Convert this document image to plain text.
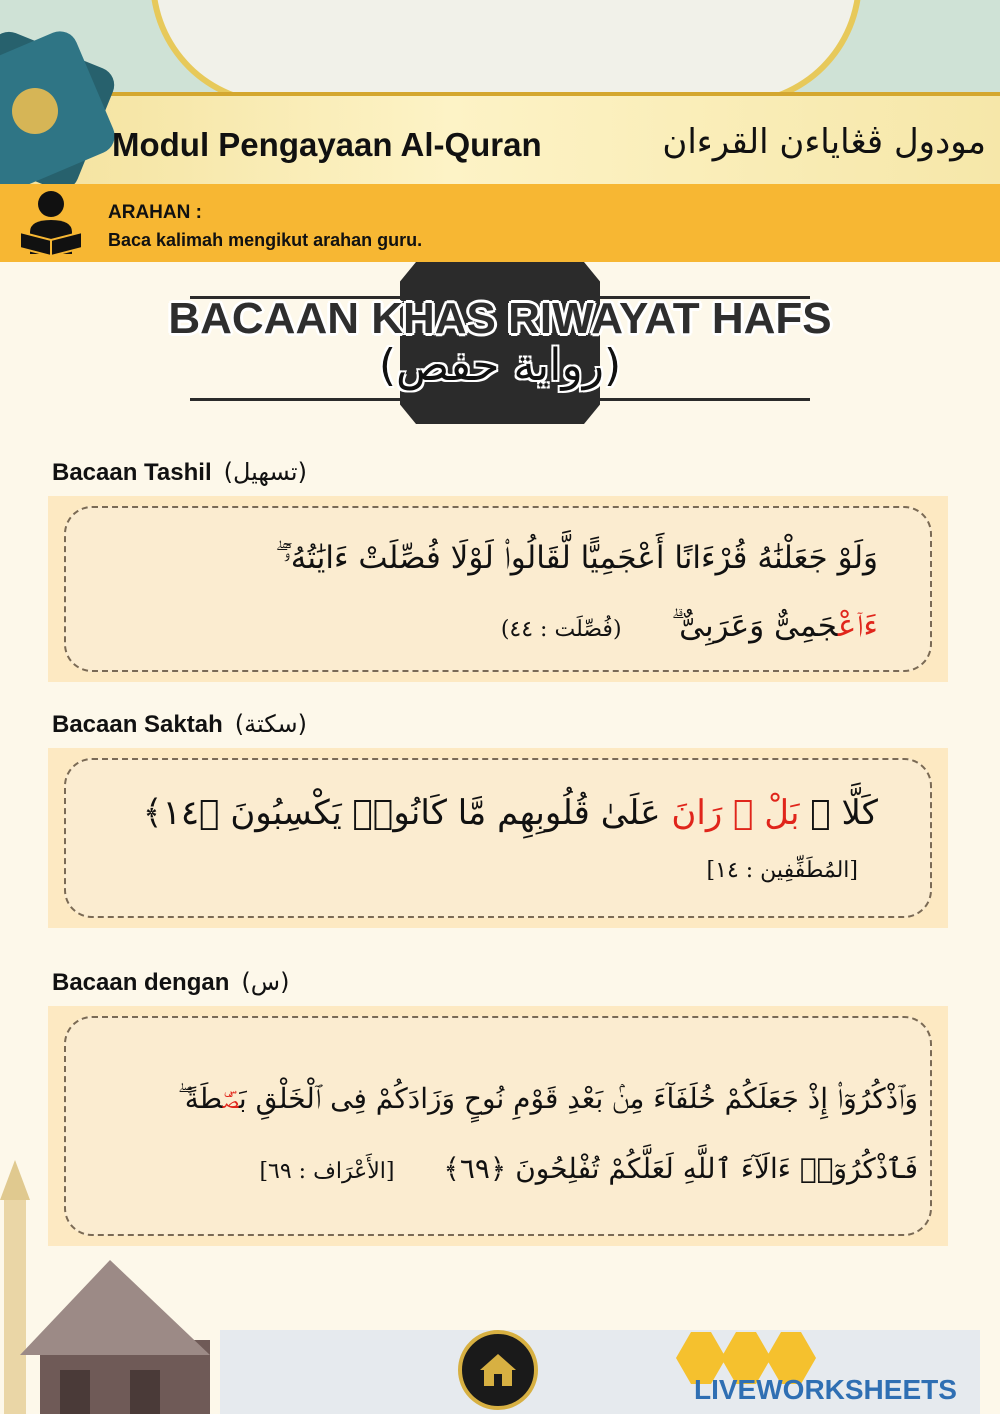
Modul Pengayaan Al-Quran	مودول ڤڠاياءن القرءان
ARAHAN :
Baca kalimah mengikut arahan guru.
BACAAN KHAS RIWAYAT HAFS
(رواية حفص)
Bacaan Tashil (تسهيل)
وَلَوْ جَعَلْنَٰهُ قُرْءَانًا أَعْجَمِيًّا لَّقَالُوا۟ لَوْلَا فُصِّلَتْ ءَايَٰتُهُۥٓ ۖ
ءَاۤعْجَمِىٌّ وَعَرَبِىٌّ ۗ (فُصِّلَت : ٤٤)
Bacaan Saktah (سكتة)
كَلَّا ۖ بَلْ ۜ رَانَ عَلَىٰ قُلُوبِهِم مَّا كَانُوا۟ يَكْسِبُونَ ﴿١٤﴾
[المُطَفِّفِين : ١٤]
Bacaan dengan (س)
وَٱذْكُرُوٓا۟ إِذْ جَعَلَكُمْ خُلَفَآءَ مِنۢ بَعْدِ قَوْمِ نُوحٍ وَزَادَكُمْ فِى ٱلْخَلْقِ بَصْۜطَةً ۖ
فَٱذْكُرُوٓا۟ ءَالَآءَ ٱللَّهِ لَعَلَّكُمْ تُفْلِحُونَ ﴿٦٩﴾ [الأَعْرَاف : ٦٩]
LIVEWORKSHEETS
